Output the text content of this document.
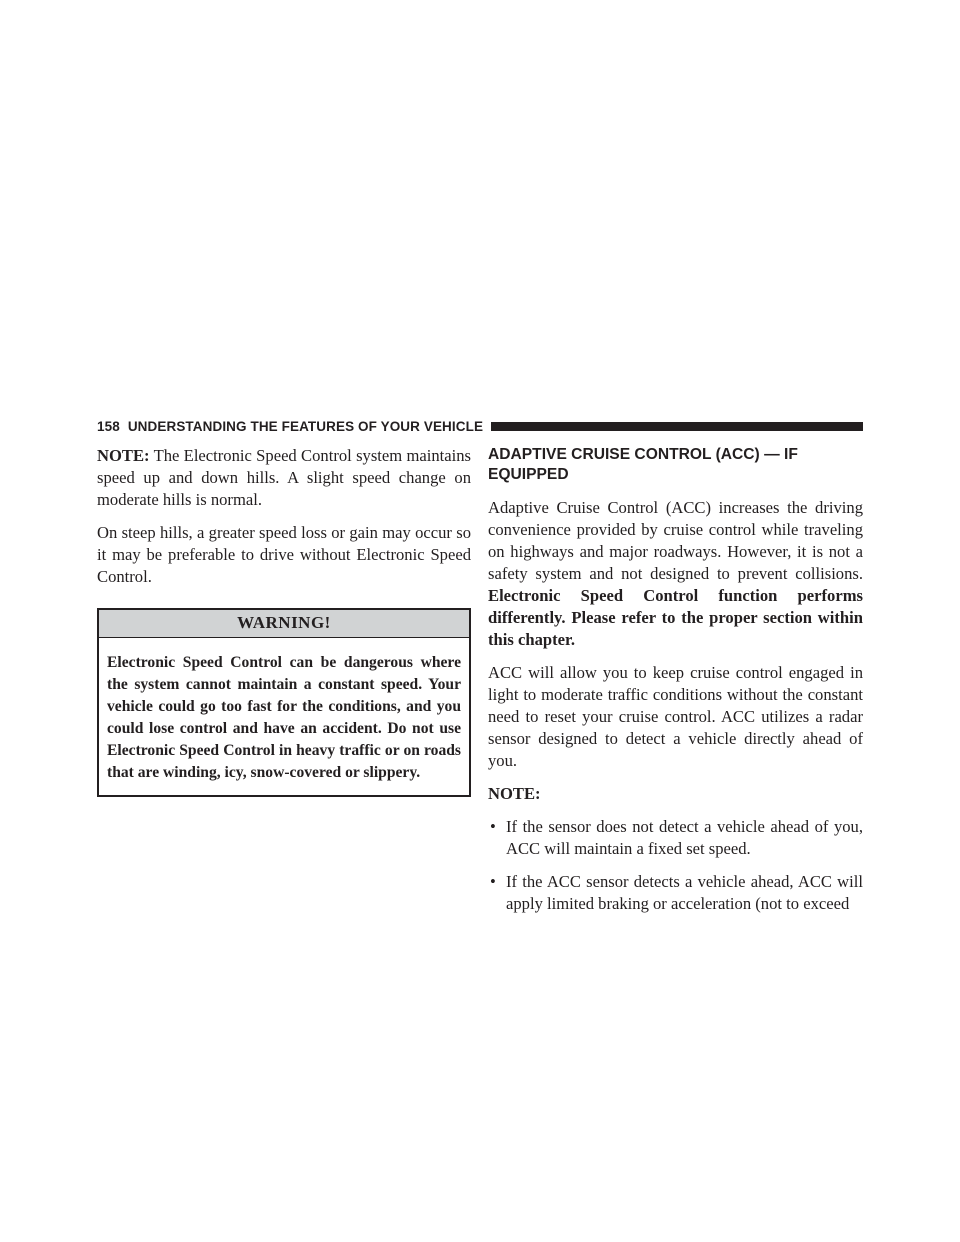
158 UNDERSTANDING THE FEATURES OF YOUR VEHICLE

NOTE: The Electronic Speed Control system maintains speed up and down hills. A slight speed change on moderate hills is normal.

On steep hills, a greater speed loss or gain may occur so it may be preferable to drive without Electronic Speed Control.

WARNING!
Electronic Speed Control can be dangerous where the system cannot maintain a constant speed. Your vehicle could go too fast for the conditions, and you could lose control and have an accident. Do not use Electronic Speed Control in heavy traffic or on roads that are winding, icy, snow-covered or slippery.
ADAPTIVE CRUISE CONTROL (ACC) — IF EQUIPPED

Adaptive Cruise Control (ACC) increases the driving convenience provided by cruise control while traveling on highways and major roadways. However, it is not a safety system and not designed to prevent collisions. Electronic Speed Control function performs differently. Please refer to the proper section within this chapter.

ACC will allow you to keep cruise control engaged in light to moderate traffic conditions without the constant need to reset your cruise control. ACC utilizes a radar sensor designed to detect a vehicle directly ahead of you.

NOTE:

• If the sensor does not detect a vehicle ahead of you, ACC will maintain a fixed set speed.
• If the ACC sensor detects a vehicle ahead, ACC will apply limited braking or acceleration (not to exceed
